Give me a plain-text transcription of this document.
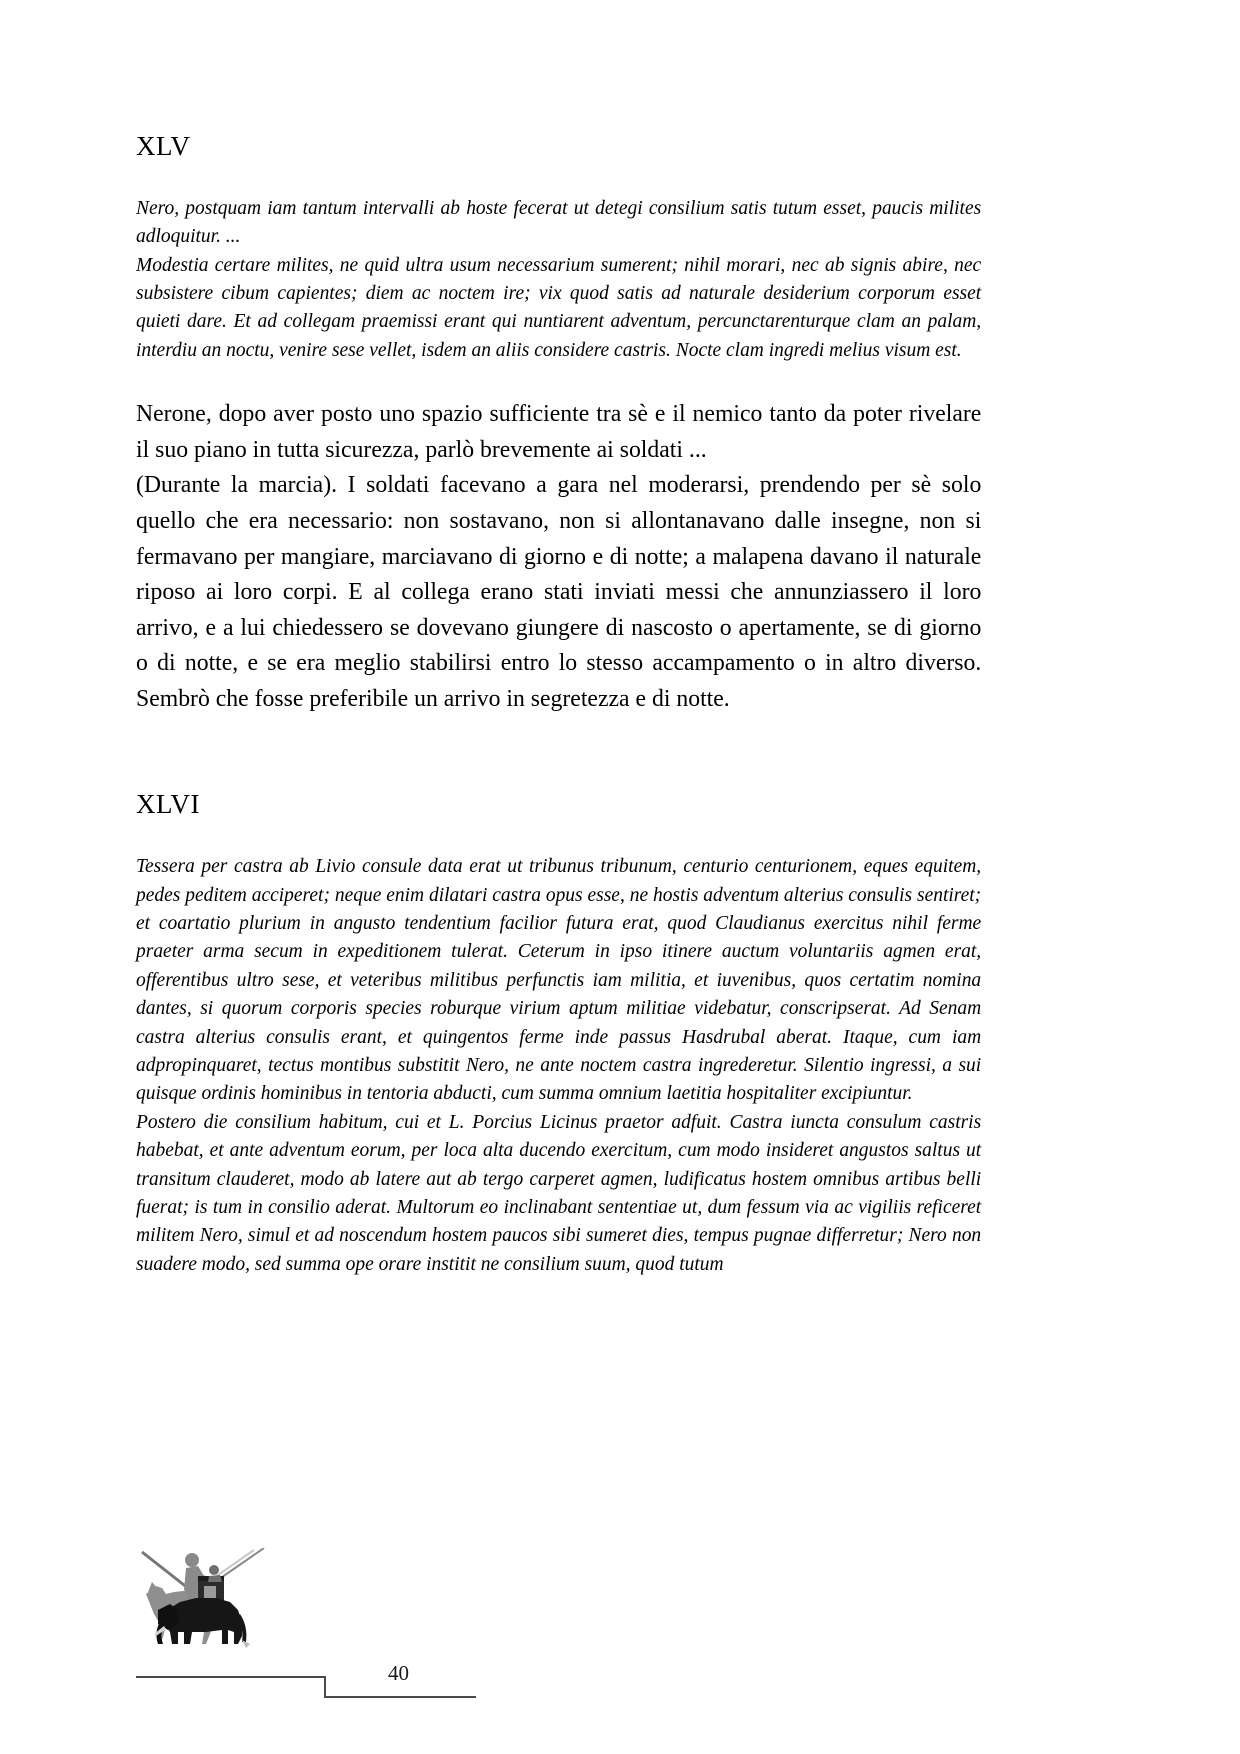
XLV

Nero, postquam iam tantum intervalli ab hoste fecerat ut detegi consilium satis tutum esset, paucis milites adloquitur. ...

Modestia certare milites, ne quid ultra usum necessarium sumerent; nihil morari, nec ab signis abire, nec subsistere cibum capientes; diem ac noctem ire; vix quod satis ad naturale desiderium corporum esset quieti dare. Et ad collegam praemissi erant qui nuntiarent adventum, percunctarenturque clam an palam, interdiu an noctu, venire sese vellet, isdem an aliis considere castris. Nocte clam ingredi melius visum est.

Nerone, dopo aver posto uno spazio sufficiente tra sè e il nemico tanto da poter rivelare il suo piano in tutta sicurezza, parlò brevemente ai soldati ...

(Durante la marcia). I soldati facevano a gara nel moderarsi, prendendo per sè solo quello che era necessario: non sostavano, non si allontanavano dalle insegne, non si fermavano per mangiare, marciavano di giorno e di notte; a malapena davano il naturale riposo ai loro corpi. E al collega erano stati inviati messi che annunziassero il loro arrivo, e a lui chiedessero se dovevano giungere di nascosto o apertamente, se di giorno o di notte, e se era meglio stabilirsi entro lo stesso accampamento o in altro diverso. Sembrò che fosse preferibile un arrivo in segretezza e di notte.

XLVI

Tessera per castra ab Livio consule data erat ut tribunus tribunum, centurio centurionem, eques equitem, pedes peditem acciperet; neque enim dilatari castra opus esse, ne hostis adventum alterius consulis sentiret; et coartatio plurium in angusto tendentium facilior futura erat, quod Claudianus exercitus nihil ferme praeter arma secum in expeditionem tulerat. Ceterum in ipso itinere auctum voluntariis agmen erat, offerentibus ultro sese, et veteribus militibus perfunctis iam militia, et iuvenibus, quos certatim nomina dantes, si quorum corporis species roburque virium aptum militiae videbatur, conscripserat. Ad Senam castra alterius consulis erant, et quingentos ferme inde passus Hasdrubal aberat. Itaque, cum iam adpropinquaret, tectus montibus substitit Nero, ne ante noctem castra ingrederetur. Silentio ingressi, a sui quisque ordinis hominibus in tentoria abducti, cum summa omnium laetitia hospitaliter excipiuntur.

Postero die consilium habitum, cui et L. Porcius Licinus praetor adfuit. Castra iuncta consulum castris habebat, et ante adventum eorum, per loca alta ducendo exercitum, cum modo insideret angustos saltus ut transitum clauderet, modo ab latere aut ab tergo carperet agmen, ludificatus hostem omnibus artibus belli fuerat; is tum in consilio aderat. Multorum eo inclinabant sententiae ut, dum fessum via ac vigiliis reficeret militem Nero, simul et ad noscendum hostem paucos sibi sumeret dies, tempus pugnae differretur; Nero non suadere modo, sed summa ope orare institit ne consilium suum, quod tutum

40
